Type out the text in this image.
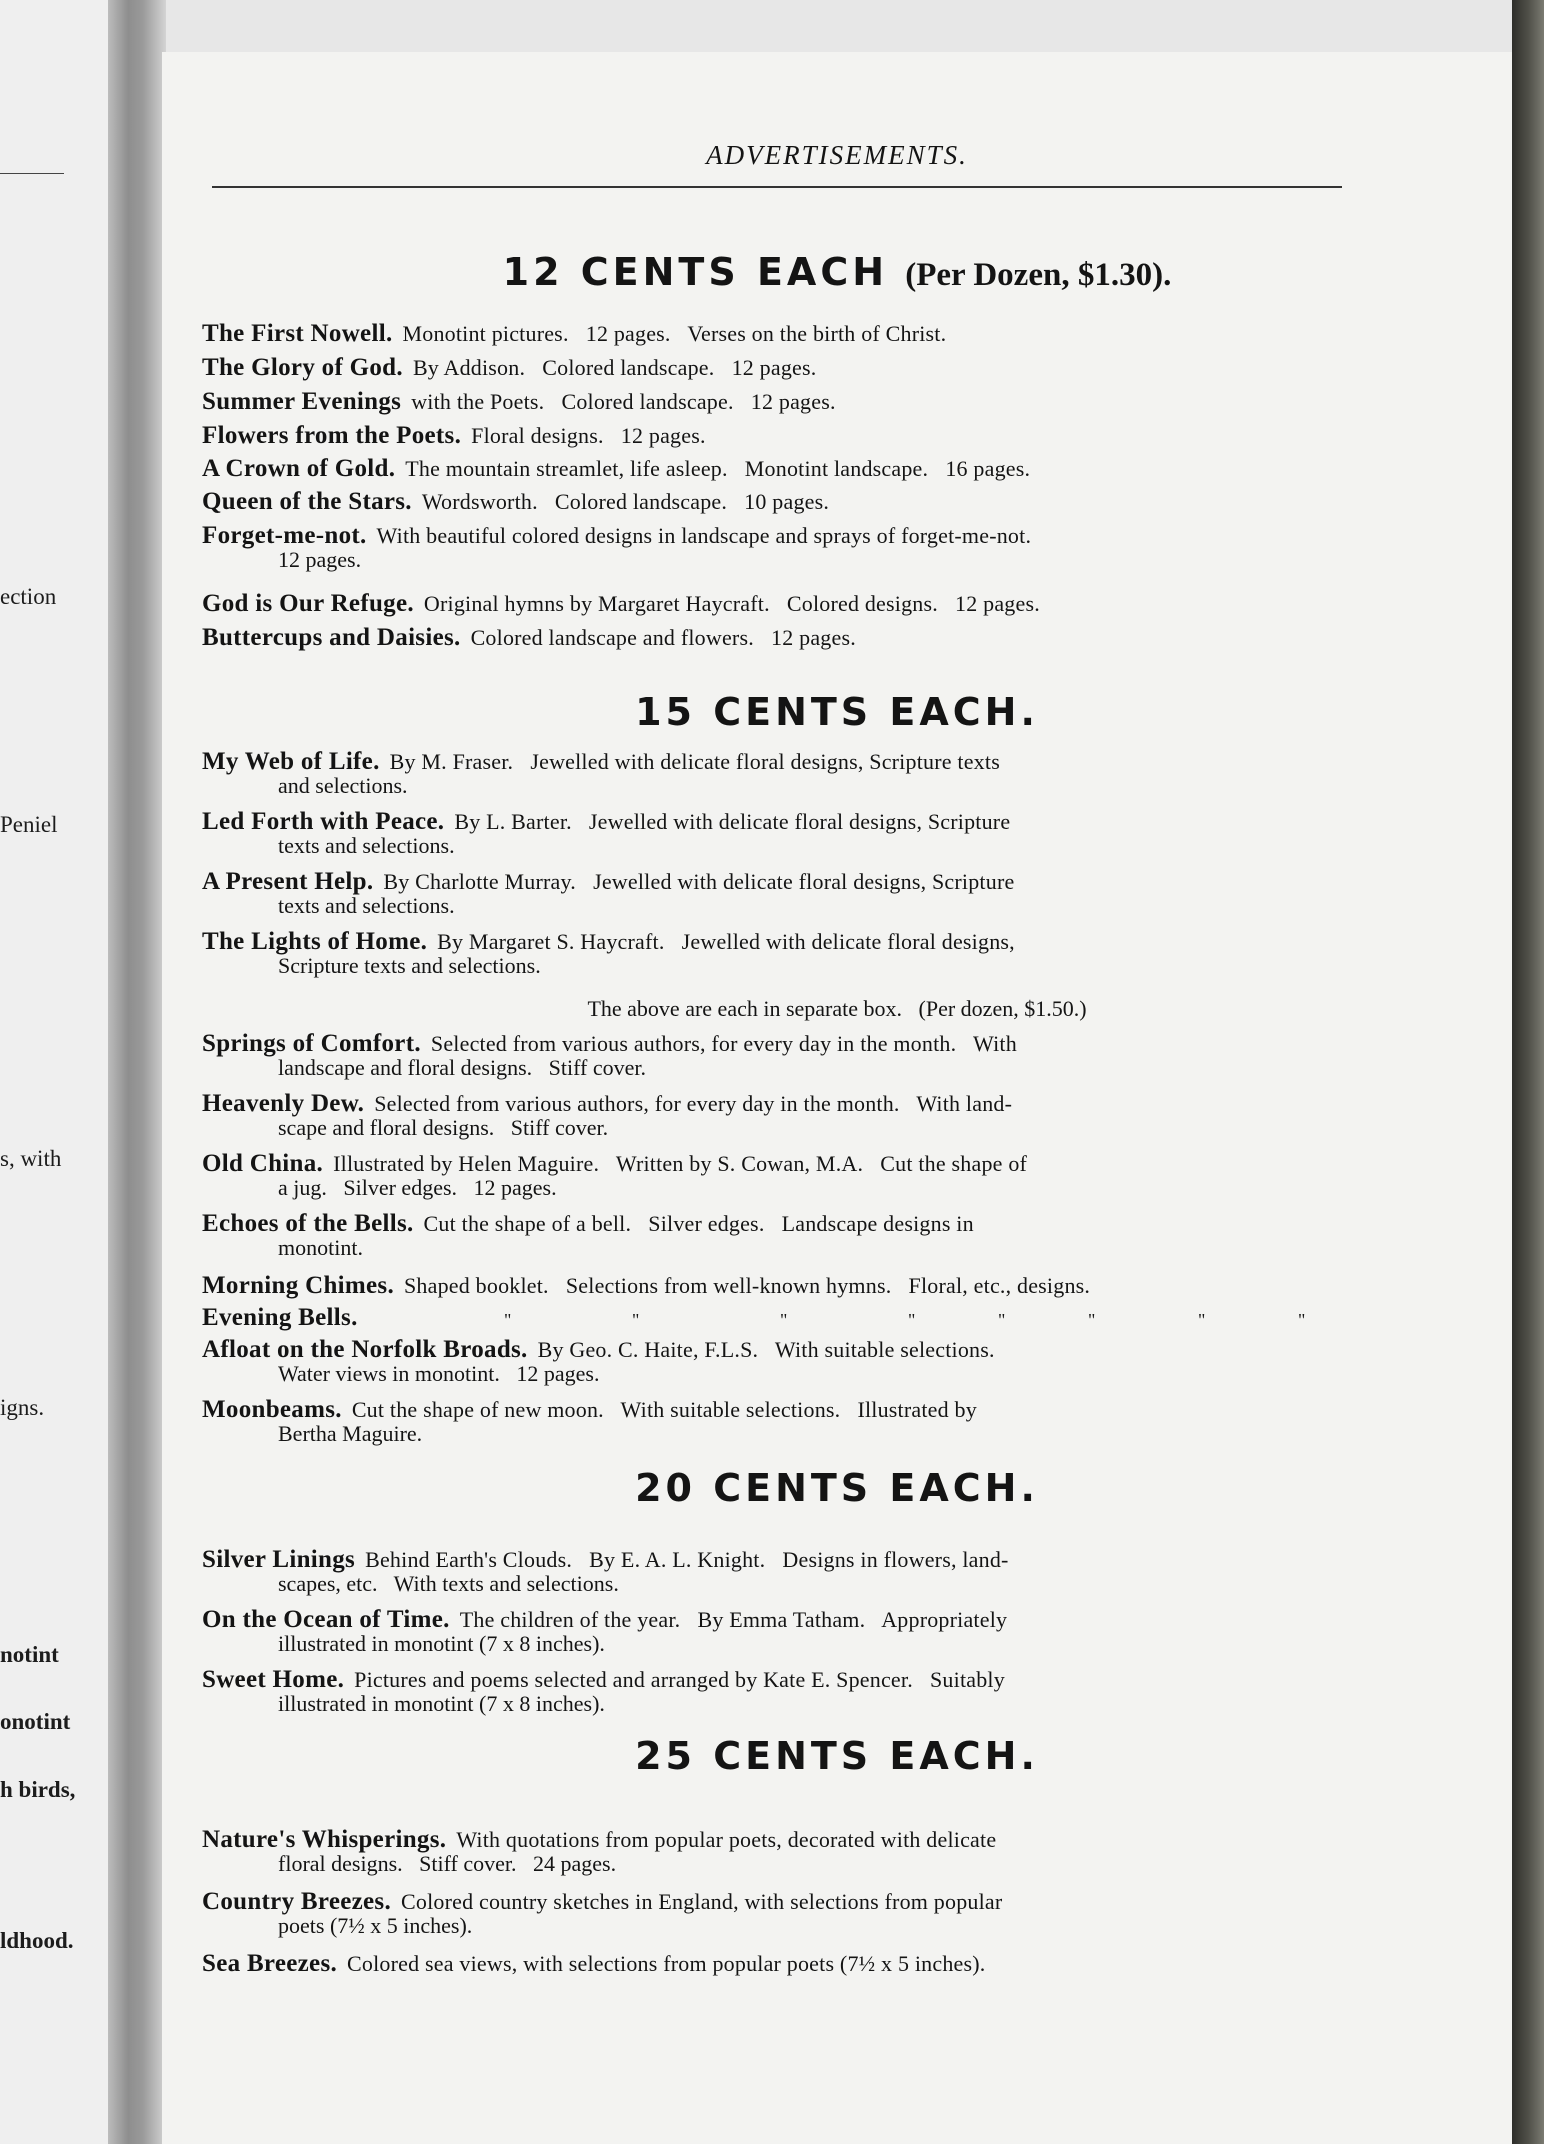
ection
Peniel
s, with
igns.
notint
onotint
h birds,
ldhood.
ADVERTISEMENTS.
12 CENTS EACH (Per Dozen, $1.30).
The First Nowell. Monotint pictures.   12 pages.   Verses on the birth of Christ.
The Glory of God. By Addison.   Colored landscape.   12 pages.
Summer Evenings with the Poets.   Colored landscape.   12 pages.
Flowers from the Poets. Floral designs.   12 pages.
A Crown of Gold. The mountain streamlet, life asleep.   Monotint landscape.   16 pages.
Queen of the Stars. Wordsworth.   Colored landscape.   10 pages.
Forget-me-not. With beautiful colored designs in landscape and sprays of forget-me-not.
12 pages.
God is Our Refuge. Original hymns by Margaret Haycraft.   Colored designs.   12 pages.
Buttercups and Daisies. Colored landscape and flowers.   12 pages.
15 CENTS EACH.
My Web of Life. By M. Fraser.   Jewelled with delicate floral designs, Scripture texts
and selections.
Led Forth with Peace. By L. Barter.   Jewelled with delicate floral designs, Scripture
texts and selections.
A Present Help. By Charlotte Murray.   Jewelled with delicate floral designs, Scripture
texts and selections.
The Lights of Home. By Margaret S. Haycraft.   Jewelled with delicate floral designs,
Scripture texts and selections.
The above are each in separate box.   (Per dozen, $1.50.)
Springs of Comfort. Selected from various authors, for every day in the month.   With
landscape and floral designs.   Stiff cover.
Heavenly Dew. Selected from various authors, for every day in the month.   With land-
scape and floral designs.   Stiff cover.
Old China. Illustrated by Helen Maguire.   Written by S. Cowan, M.A.   Cut the shape of
a jug.   Silver edges.   12 pages.
Echoes of the Bells. Cut the shape of a bell.   Silver edges.   Landscape designs in
monotint.
Morning Chimes. Shaped booklet.   Selections from well-known hymns.   Floral, etc., designs.
Evening Bells.	"	"	"	"	"	"	"	"
Afloat on the Norfolk Broads. By Geo. C. Haite, F.L.S.   With suitable selections.
Water views in monotint.   12 pages.
Moonbeams. Cut the shape of new moon.   With suitable selections.   Illustrated by
Bertha Maguire.
20 CENTS EACH.
Silver Linings Behind Earth's Clouds.   By E. A. L. Knight.   Designs in flowers, land-
scapes, etc.   With texts and selections.
On the Ocean of Time. The children of the year.   By Emma Tatham.   Appropriately
illustrated in monotint (7 x 8 inches).
Sweet Home. Pictures and poems selected and arranged by Kate E. Spencer.   Suitably
illustrated in monotint (7 x 8 inches).
25 CENTS EACH.
Nature's Whisperings. With quotations from popular poets, decorated with delicate
floral designs.   Stiff cover.   24 pages.
Country Breezes. Colored country sketches in England, with selections from popular
poets (7½ x 5 inches).
Sea Breezes. Colored sea views, with selections from popular poets (7½ x 5 inches).
